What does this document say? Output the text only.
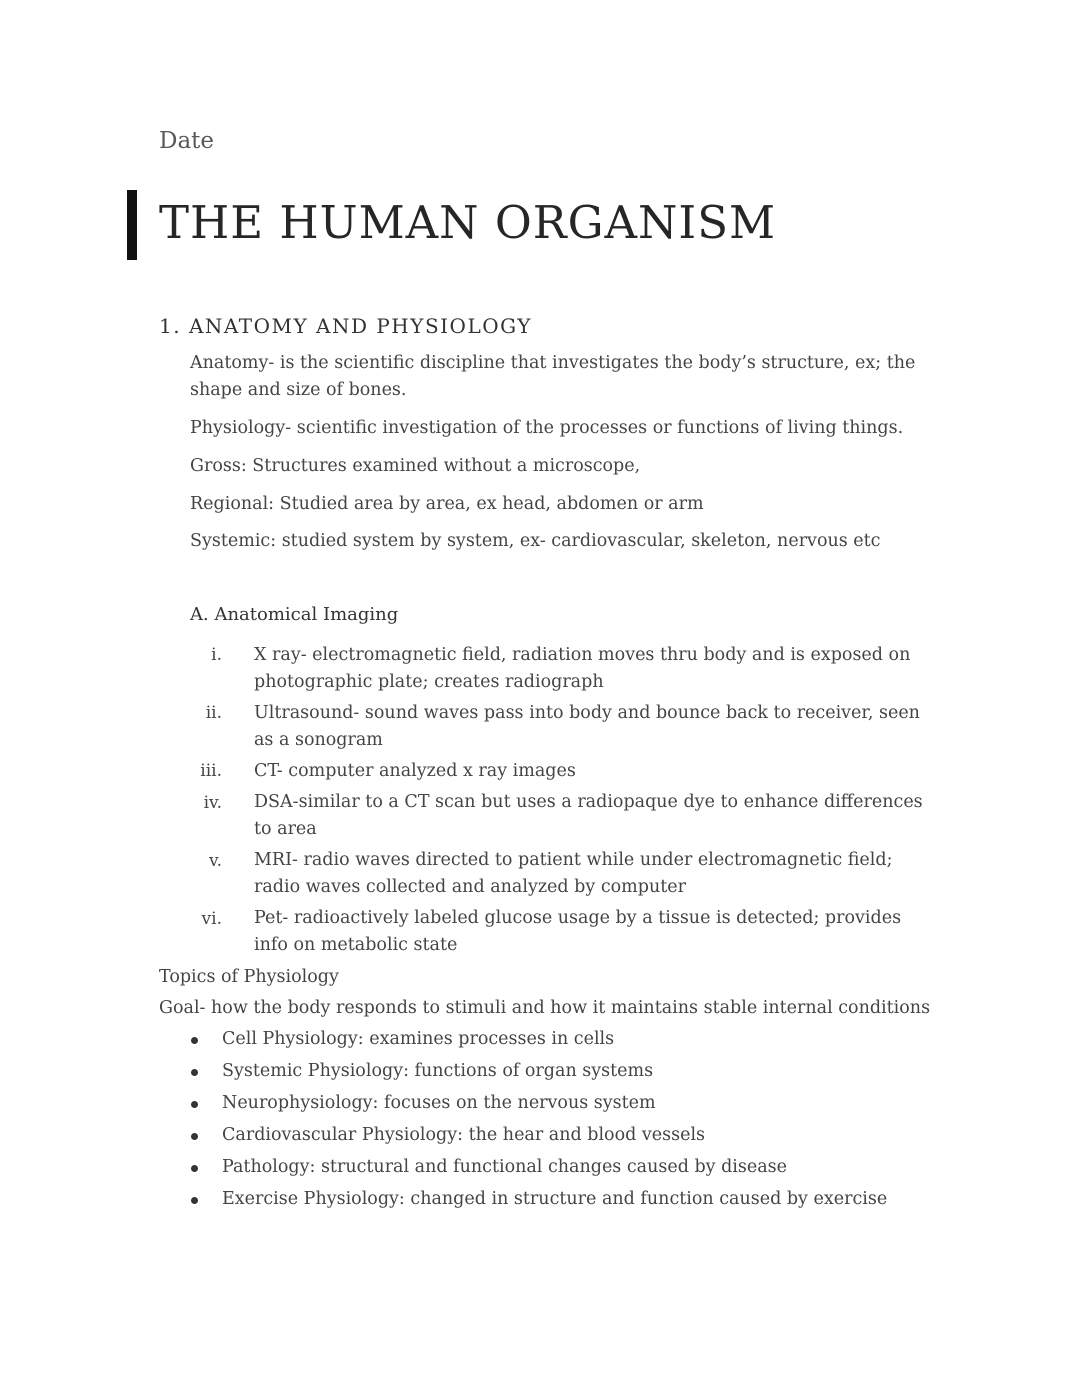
Date
THE HUMAN ORGANISM
1. ANATOMY AND PHYSIOLOGY
Anatomy- is the scientific discipline that investigates the body’s structure, ex; the shape and size of bones.
Physiology- scientific investigation of the processes or functions of living things.
Gross: Structures examined without a microscope,
Regional: Studied area by area, ex head, abdomen or arm
Systemic: studied system by system, ex- cardiovascular, skeleton, nervous etc
A. Anatomical Imaging
i. X ray- electromagnetic field, radiation moves thru body and is exposed on photographic plate; creates radiograph
ii. Ultrasound- sound waves pass into body and bounce back to receiver, seen as a sonogram
iii. CT- computer analyzed x ray images
iv. DSA-similar to a CT scan but uses a radiopaque dye to enhance differences to area
v. MRI- radio waves directed to patient while under electromagnetic field; radio waves collected and analyzed by computer
vi. Pet- radioactively labeled glucose usage by a tissue is detected; provides info on metabolic state
Topics of Physiology
Goal- how the body responds to stimuli and how it maintains stable internal conditions
Cell Physiology: examines processes in cells
Systemic Physiology: functions of organ systems
Neurophysiology: focuses on the nervous system
Cardiovascular Physiology: the hear and blood vessels
Pathology: structural and functional changes caused by disease
Exercise Physiology: changed in structure and function caused by exercise
